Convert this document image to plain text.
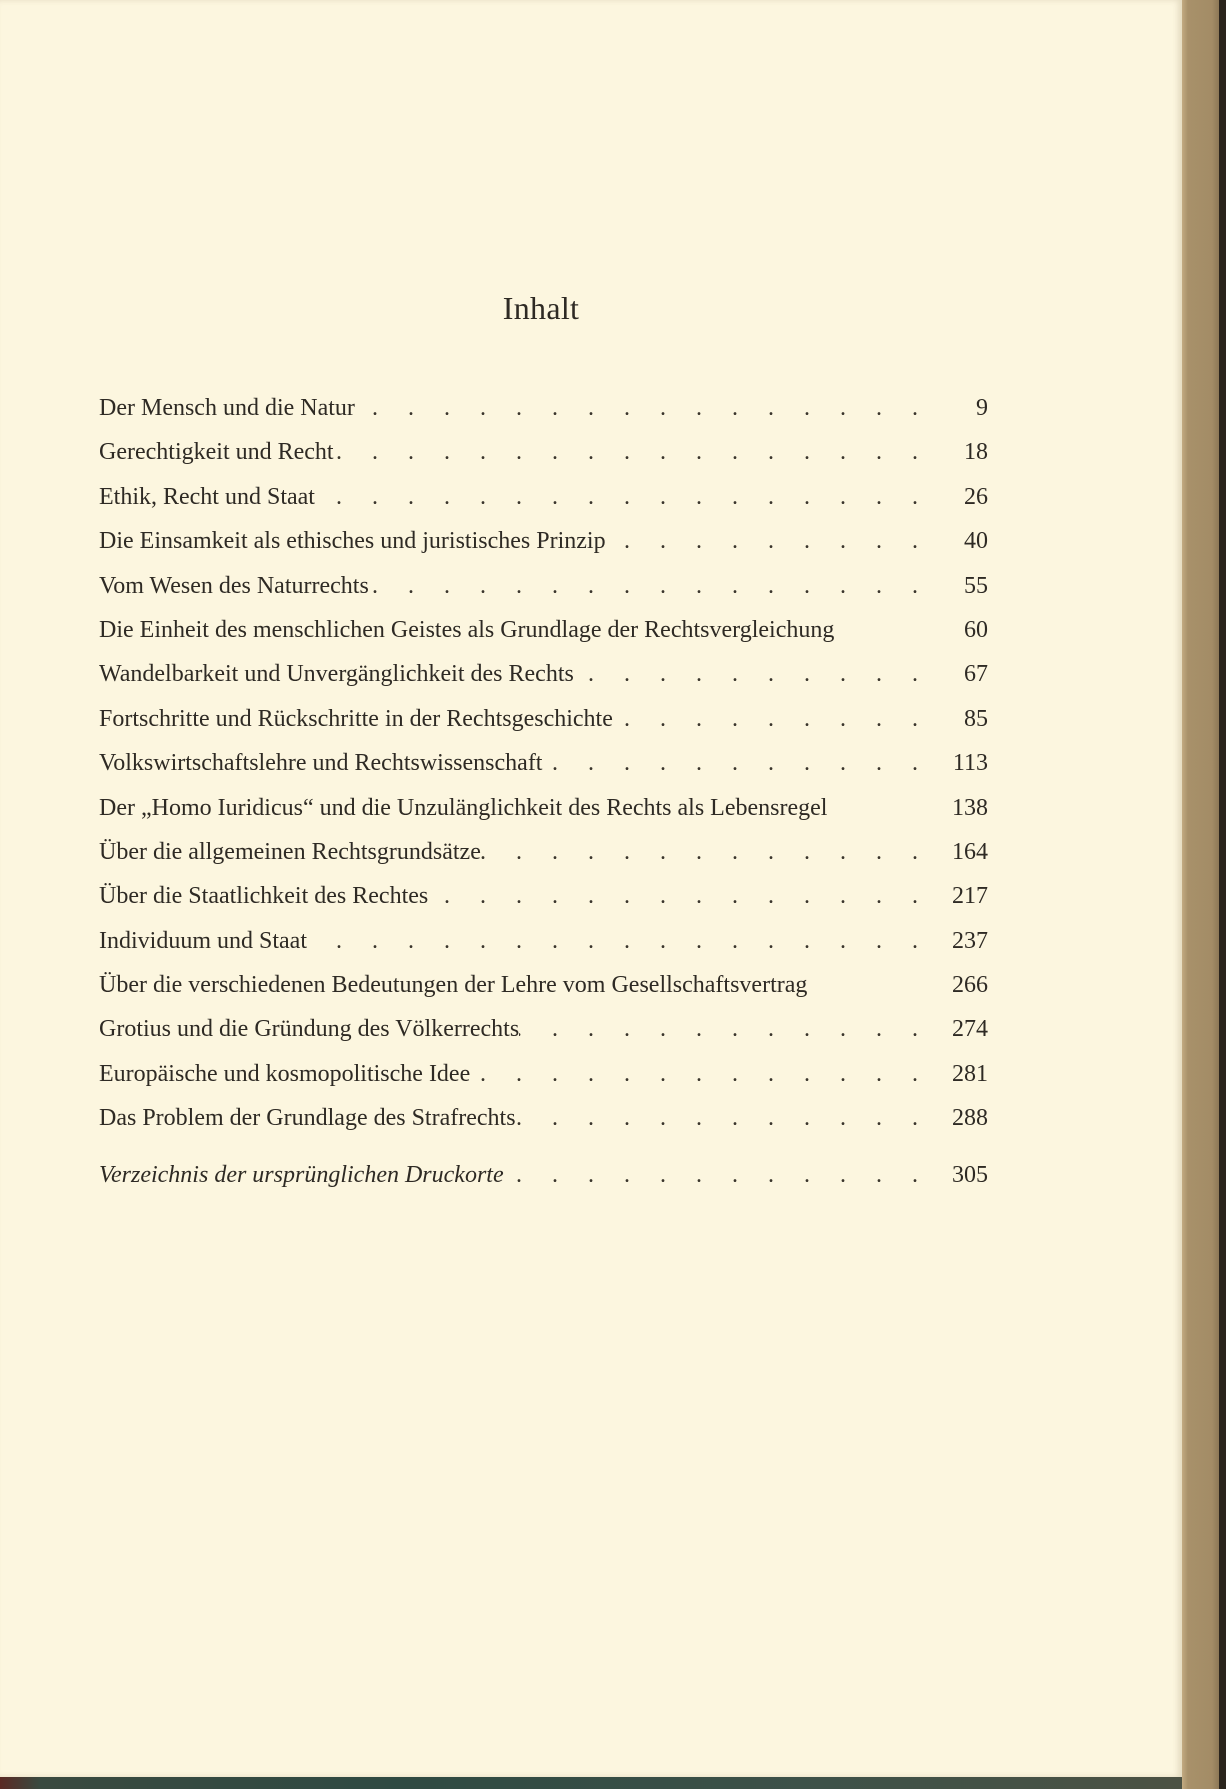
Inhalt
Der Mensch und die Natur .	9
Gerechtigkeit und Recht .	18
Ethik, Recht und Staat .	26
Die Einsamkeit als ethisches und juristisches Prinzip .	40
Vom Wesen des Naturrechts .	55
Die Einheit des menschlichen Geistes als Grundlage der Rechtsvergleichung	60
Wandelbarkeit und Unvergänglichkeit des Rechts .	67
Fortschritte und Rückschritte in der Rechtsgeschichte .	85
Volkswirtschaftslehre und Rechtswissenschaft .	113
Der „Homo Iuridicus“ und die Unzulänglichkeit des Rechts als Lebensregel	138
Über die allgemeinen Rechtsgrundsätze .	164
Über die Staatlichkeit des Rechtes .	217
Individuum und Staat .	237
Über die verschiedenen Bedeutungen der Lehre vom Gesellschaftsvertrag	266
Grotius und die Gründung des Völkerrechts .	274
Europäische und kosmopolitische Idee .	281
Das Problem der Grundlage des Strafrechts .	288
Verzeichnis der ursprünglichen Druckorte .	305
